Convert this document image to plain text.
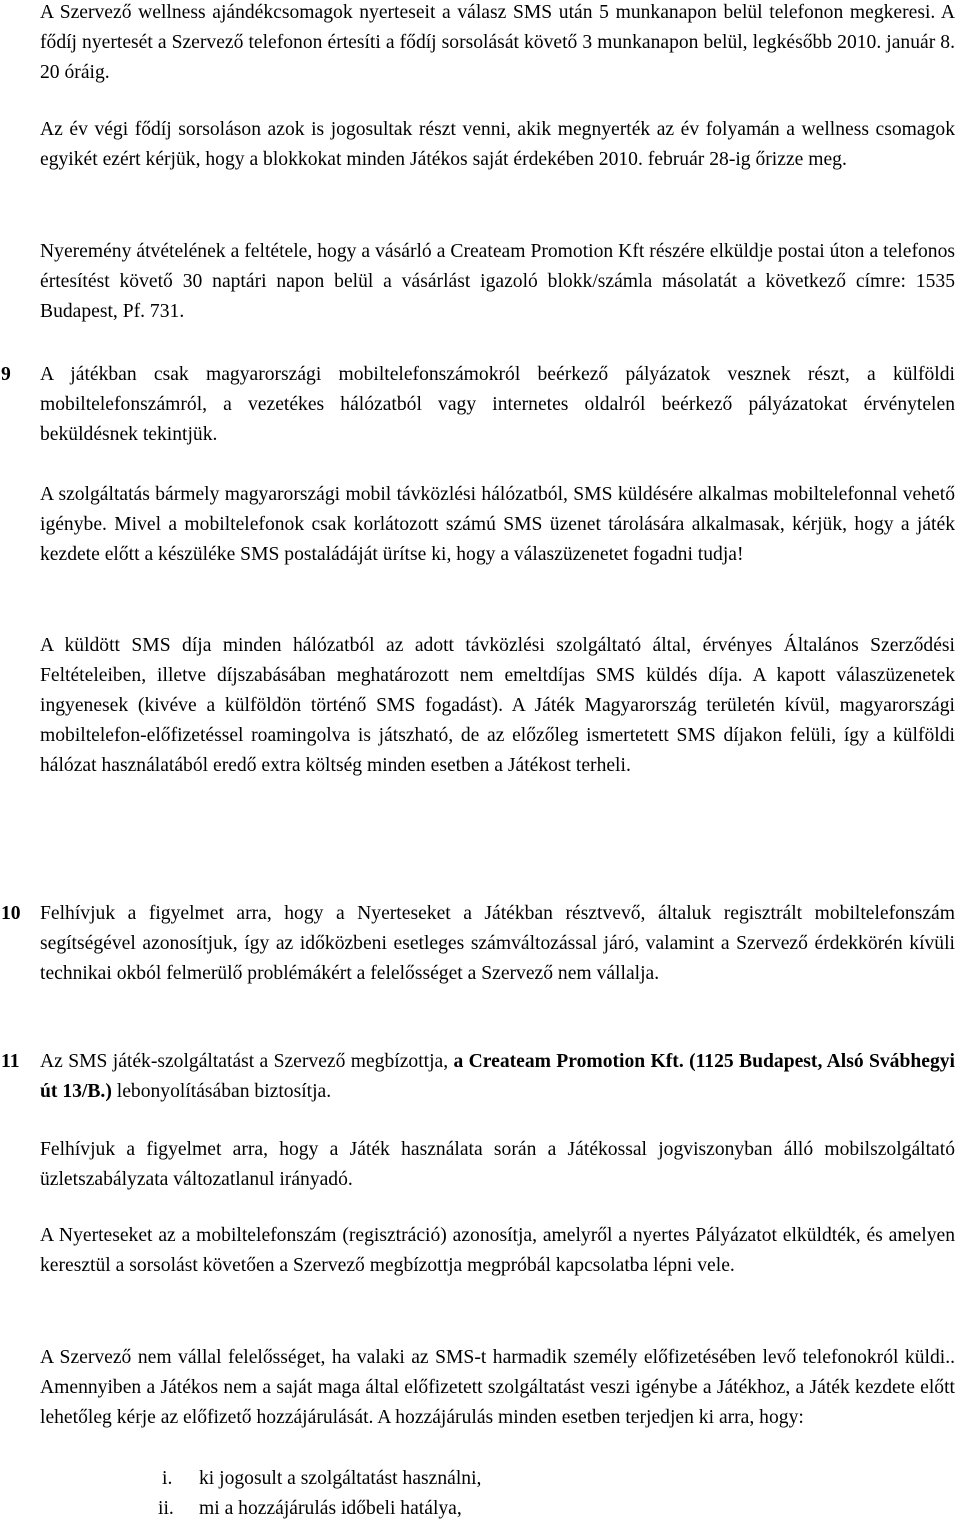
A Szervező wellness ajándékcsomagok nyerteseit a válasz SMS után 5 munkanapon belül telefonon megkeresi. A fődíj nyertesét a Szervező telefonon értesíti a fődíj sorsolását követő 3 munkanapon belül, legkésőbb 2010. január 8. 20 óráig.

Az év végi fődíj sorsoláson azok is jogosultak részt venni, akik megnyerték az év folyamán a wellness csomagok egyikét ezért kérjük, hogy a blokkokat minden Játékos saját érdekében 2010. február 28-ig őrizze meg.

Nyeremény átvételének a feltétele, hogy a vásárló a Createam Promotion Kft részére elküldje postai úton a telefonos értesítést követő 30 naptári napon belül a vásárlást igazoló blokk/számla másolatát a következő címre: 1535 Budapest, Pf. 731.

9 A játékban csak magyarországi mobiltelefonszámokról beérkező pályázatok vesznek részt, a külföldi mobiltelefonszámról, a vezetékes hálózatból vagy internetes oldalról beérkező pályázatokat érvénytelen beküldésnek tekintjük.

A szolgáltatás bármely magyarországi mobil távközlési hálózatból, SMS küldésére alkalmas mobiltelefonnal vehető igénybe. Mivel a mobiltelefonok csak korlátozott számú SMS üzenet tárolására alkalmasak, kérjük, hogy a játék kezdete előtt a készüléke SMS postaládáját ürítse ki, hogy a válaszüzenetet fogadni tudja!

A küldött SMS díja minden hálózatból az adott távközlési szolgáltató által, érvényes Általános Szerződési Feltételeiben, illetve díjszabásában meghatározott nem emeltdíjas SMS küldés díja. A kapott válaszüzenetek ingyenesek (kivéve a külföldön történő SMS fogadást). A Játék Magyarország területén kívül, magyarországi mobiltelefon-előfizetéssel roamingolva is játszható, de az előzőleg ismertetett SMS díjakon felüli, így a külföldi hálózat használatából eredő extra költség minden esetben a Játékost terheli.

10 Felhívjuk a figyelmet arra, hogy a Nyerteseket a Játékban résztvevő, általuk regisztrált mobiltelefonszám segítségével azonosítjuk, így az időközbeni esetleges számváltozással járó, valamint a Szervező érdekkörén kívüli technikai okból felmerülő problémákért a felelősséget a Szervező nem vállalja.

11 Az SMS játék-szolgáltatást a Szervező megbízottja, a Createam Promotion Kft. (1125 Budapest, Alsó Svábhegyi út 13/B.) lebonyolításában biztosítja.

Felhívjuk a figyelmet arra, hogy a Játék használata során a Játékossal jogviszonyban álló mobilszolgáltató üzletszabályzata változatlanul irányadó.

A Nyerteseket az a mobiltelefonszám (regisztráció) azonosítja, amelyről a nyertes Pályázatot elküldték, és amelyen keresztül a sorsolást követően a Szervező megbízottja megpróbál kapcsolatba lépni vele.

A Szervező nem vállal felelősséget, ha valaki az SMS-t harmadik személy előfizetésében levő telefonokról küldi.. Amennyiben a Játékos nem a saját maga által előfizetett szolgáltatást veszi igénybe a Játékhoz, a Játék kezdete előtt lehetőleg kérje az előfizető hozzájárulását. A hozzájárulás minden esetben terjedjen ki arra, hogy:

i. ki jogosult a szolgáltatást használni,
ii. mi a hozzájárulás időbeli hatálya,
